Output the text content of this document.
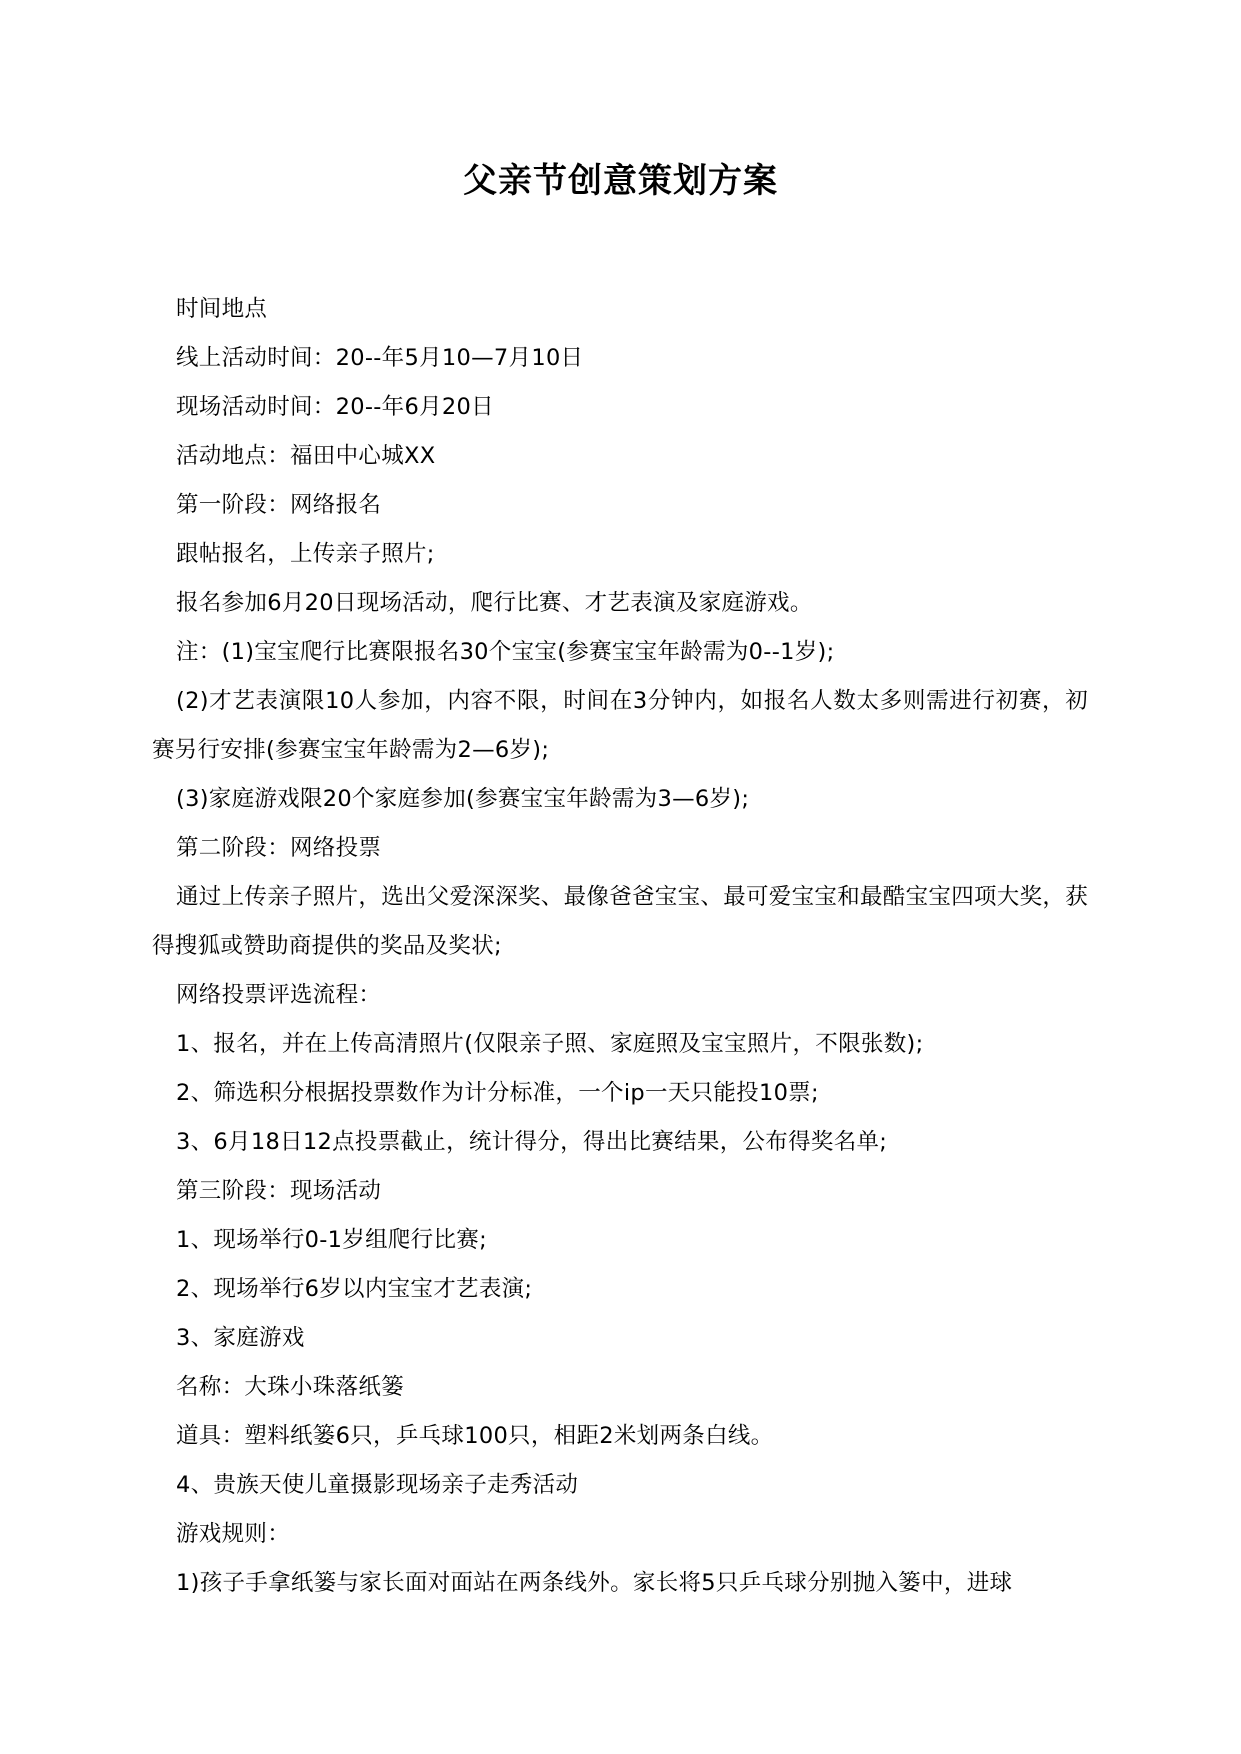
父亲节创意策划方案

时间地点

线上活动时间：20--年5月10—7月10日

现场活动时间：20--年6月20日

活动地点：福田中心城XX

第一阶段：网络报名

跟帖报名，上传亲子照片;

报名参加6月20日现场活动，爬行比赛、才艺表演及家庭游戏。

注：(1)宝宝爬行比赛限报名30个宝宝(参赛宝宝年龄需为0--1岁);

(2)才艺表演限10人参加，内容不限，时间在3分钟内，如报名人数太多则需进行初赛，初赛另行安排(参赛宝宝年龄需为2—6岁);

(3)家庭游戏限20个家庭参加(参赛宝宝年龄需为3—6岁);

第二阶段：网络投票

通过上传亲子照片，选出父爱深深奖、最像爸爸宝宝、最可爱宝宝和最酷宝宝四项大奖，获得搜狐或赞助商提供的奖品及奖状;

网络投票评选流程：

1、报名，并在上传高清照片(仅限亲子照、家庭照及宝宝照片，不限张数);

2、筛选积分根据投票数作为计分标准，一个ip一天只能投10票;

3、6月18日12点投票截止，统计得分，得出比赛结果，公布得奖名单;

第三阶段：现场活动

1、现场举行0-1岁组爬行比赛;

2、现场举行6岁以内宝宝才艺表演;

3、家庭游戏

名称：大珠小珠落纸篓

道具：塑料纸篓6只，乒乓球100只，相距2米划两条白线。

4、贵族天使儿童摄影现场亲子走秀活动

游戏规则：

1)孩子手拿纸篓与家长面对面站在两条线外。家长将5只乒乓球分别抛入篓中，进球
